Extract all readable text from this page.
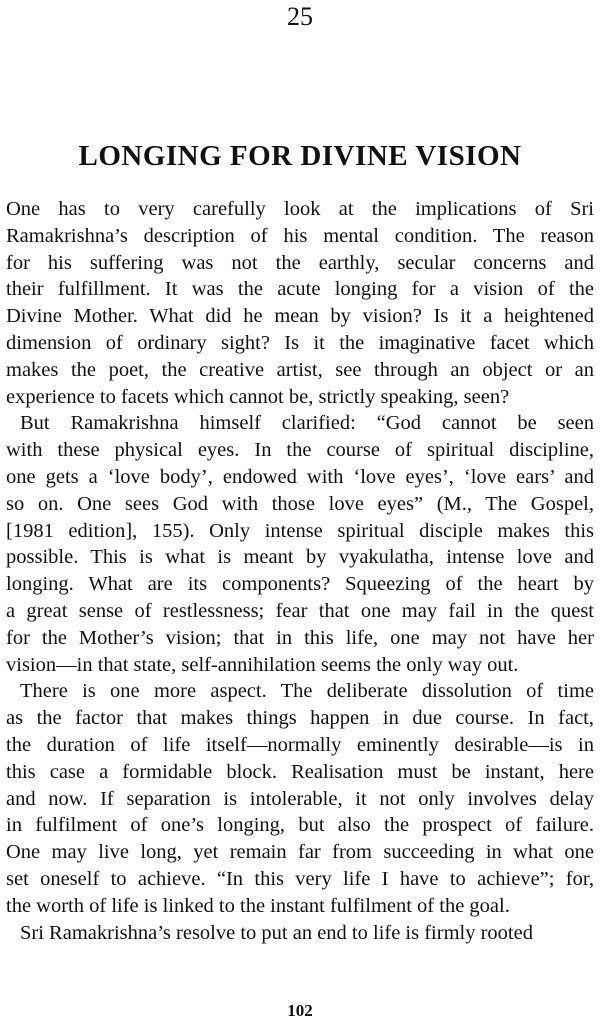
25
LONGING FOR DIVINE VISION
One has to very carefully look at the implications of Sri
Ramakrishna’s description of his mental condition. The reason
for his suffering was not the earthly, secular concerns and
their fulfillment. It was the acute longing for a vision of the
Divine Mother. What did he mean by vision? Is it a heightened
dimension of ordinary sight? Is it the imaginative facet which
makes the poet, the creative artist, see through an object or an
experience to facets which cannot be, strictly speaking, seen?
But Ramakrishna himself clarified: “God cannot be seen
with these physical eyes. In the course of spiritual discipline,
one gets a ‘love body’, endowed with ‘love eyes’, ‘love ears’ and
so on. One sees God with those love eyes” (M., The Gospel,
[1981 edition], 155). Only intense spiritual disciple makes this
possible. This is what is meant by vyakulatha, intense love and
longing. What are its components? Squeezing of the heart by
a great sense of restlessness; fear that one may fail in the quest
for the Mother’s vision; that in this life, one may not have her
vision—in that state, self-annihilation seems the only way out.
There is one more aspect. The deliberate dissolution of time
as the factor that makes things happen in due course. In fact,
the duration of life itself—normally eminently desirable—is in
this case a formidable block. Realisation must be instant, here
and now. If separation is intolerable, it not only involves delay
in fulfilment of one’s longing, but also the prospect of failure.
One may live long, yet remain far from succeeding in what one
set oneself to achieve. “In this very life I have to achieve”; for,
the worth of life is linked to the instant fulfilment of the goal.
Sri Ramakrishna’s resolve to put an end to life is firmly rooted
102
